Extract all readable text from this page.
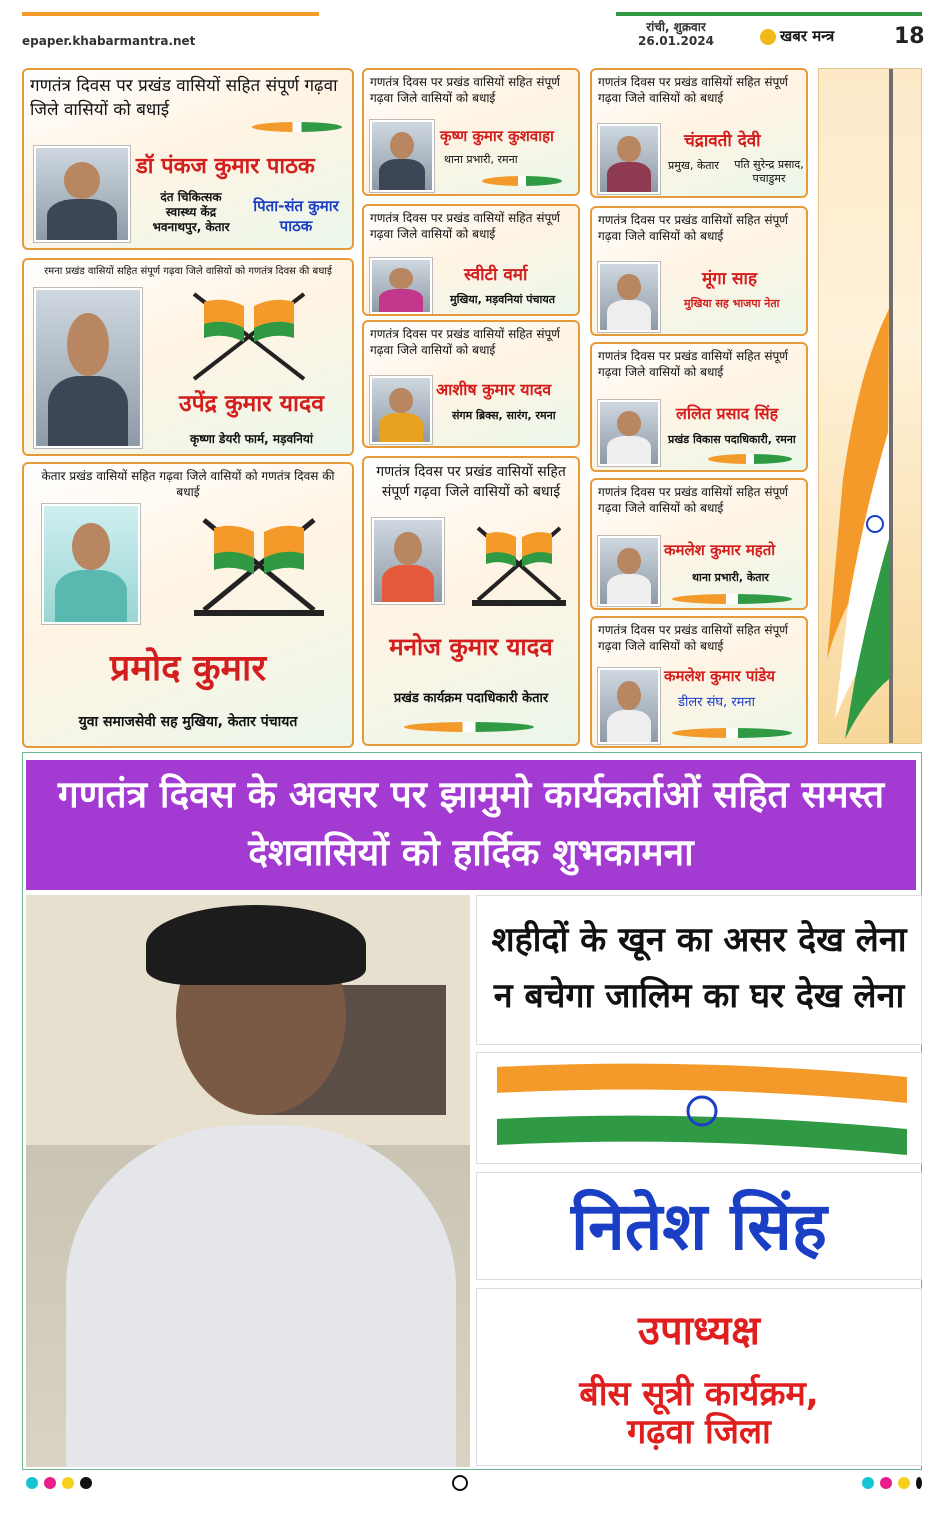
epaper.khabarmantra.net
रांची, शुक्रवार
26.01.2024	खबर मन्त्र	18
गणतंत्र दिवस पर प्रखंड वासियों सहित संपूर्ण गढ़वा जिले वासियों को बधाई
डॉ पंकज कुमार पाठक
दंत चिकित्सक
स्वास्थ्य केंद्र
भवनाथपुर, केतार
पिता-संत कुमार पाठक
रमना प्रखंड वासियों सहित संपूर्ण गढ़वा जिले वासियों को गणतंत्र दिवस की बधाई
उपेंद्र कुमार यादव
कृष्णा डेयरी फार्म, मड़वनियां
केतार प्रखंड वासियों सहित गढ़वा जिले वासियों को गणतंत्र दिवस की बधाई
प्रमोद कुमार
युवा समाजसेवी सह मुखिया, केतार पंचायत
गणतंत्र दिवस पर प्रखंड वासियों सहित संपूर्ण गढ़वा जिले वासियों को बधाई
कृष्ण कुमार कुशवाहा
थाना प्रभारी, रमना
गणतंत्र दिवस पर प्रखंड वासियों सहित संपूर्ण गढ़वा जिले वासियों को बधाई
स्वीटी वर्मा
मुखिया, मड़वनियां पंचायत
गणतंत्र दिवस पर प्रखंड वासियों सहित संपूर्ण गढ़वा जिले वासियों को बधाई
आशीष कुमार यादव
संगम ब्रिक्स, सारंग, रमना
गणतंत्र दिवस पर प्रखंड वासियों सहित संपूर्ण गढ़वा जिले वासियों को बधाई
मनोज कुमार यादव
प्रखंड कार्यक्रम पदाधिकारी केतार
गणतंत्र दिवस पर प्रखंड वासियों सहित संपूर्ण गढ़वा जिले वासियों को बधाई
चंद्रावती देवी
प्रमुख, केतार पति सुरेन्द्र प्रसाद, पचाडुमर
गणतंत्र दिवस पर प्रखंड वासियों सहित संपूर्ण गढ़वा जिले वासियों को बधाई
मूंगा साह
मुखिया सह भाजपा नेता
गणतंत्र दिवस पर प्रखंड वासियों सहित संपूर्ण गढ़वा जिले वासियों को बधाई
ललित प्रसाद सिंह
प्रखंड विकास पदाधिकारी, रमना
गणतंत्र दिवस पर प्रखंड वासियों सहित संपूर्ण गढ़वा जिले वासियों को बधाई
कमलेश कुमार महतो
थाना प्रभारी, केतार
गणतंत्र दिवस पर प्रखंड वासियों सहित संपूर्ण गढ़वा जिले वासियों को बधाई
कमलेश कुमार पांडेय
डीलर संघ, रमना
गणतंत्र दिवस के अवसर पर झामुमो कार्यकर्ताओं सहित समस्त देशवासियों को हार्दिक शुभकामना
शहीदों के खून का असर देख लेना
न बचेगा जालिम का घर देख लेना
नितेश सिंह
उपाध्यक्ष
बीस सूत्री कार्यक्रम,
गढ़वा जिला
